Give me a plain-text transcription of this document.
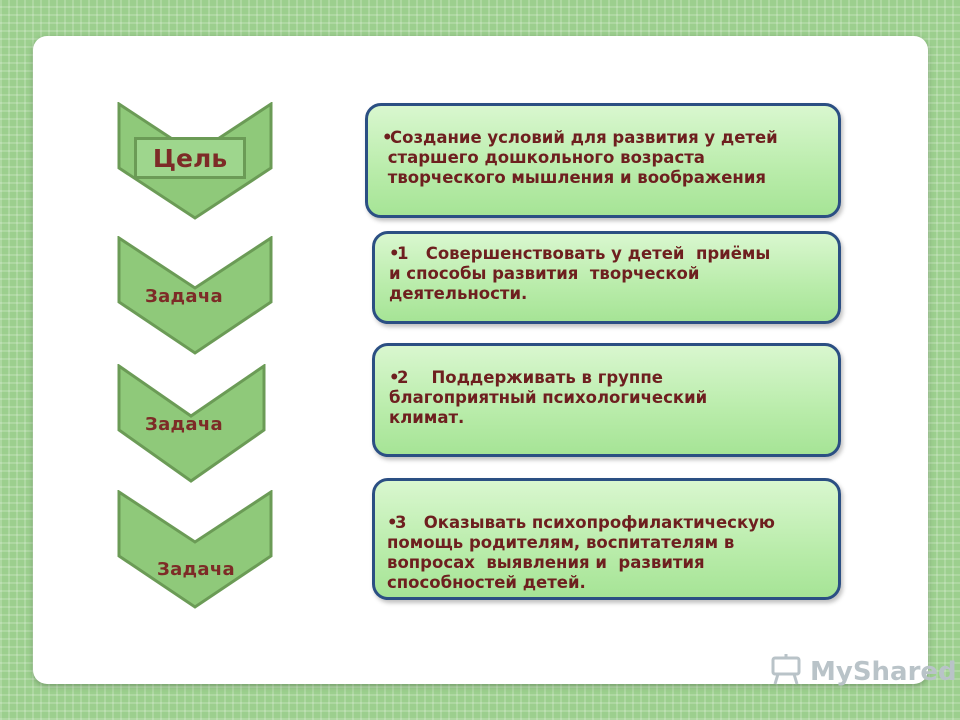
Цель
Задача
Задача
Задача
•Создание условий для развития у детей
старшего дошкольного возраста
творческого мышления и воображения
•1   Совершенствовать у детей  приёмы
и способы развития  творческой
деятельности.
•2    Поддерживать в группе
благоприятный психологический
климат.
•3   Оказывать психопрофилактическую
помощь родителям, воспитателям в
вопросах  выявления и  развития
способностей детей.
MyShared
